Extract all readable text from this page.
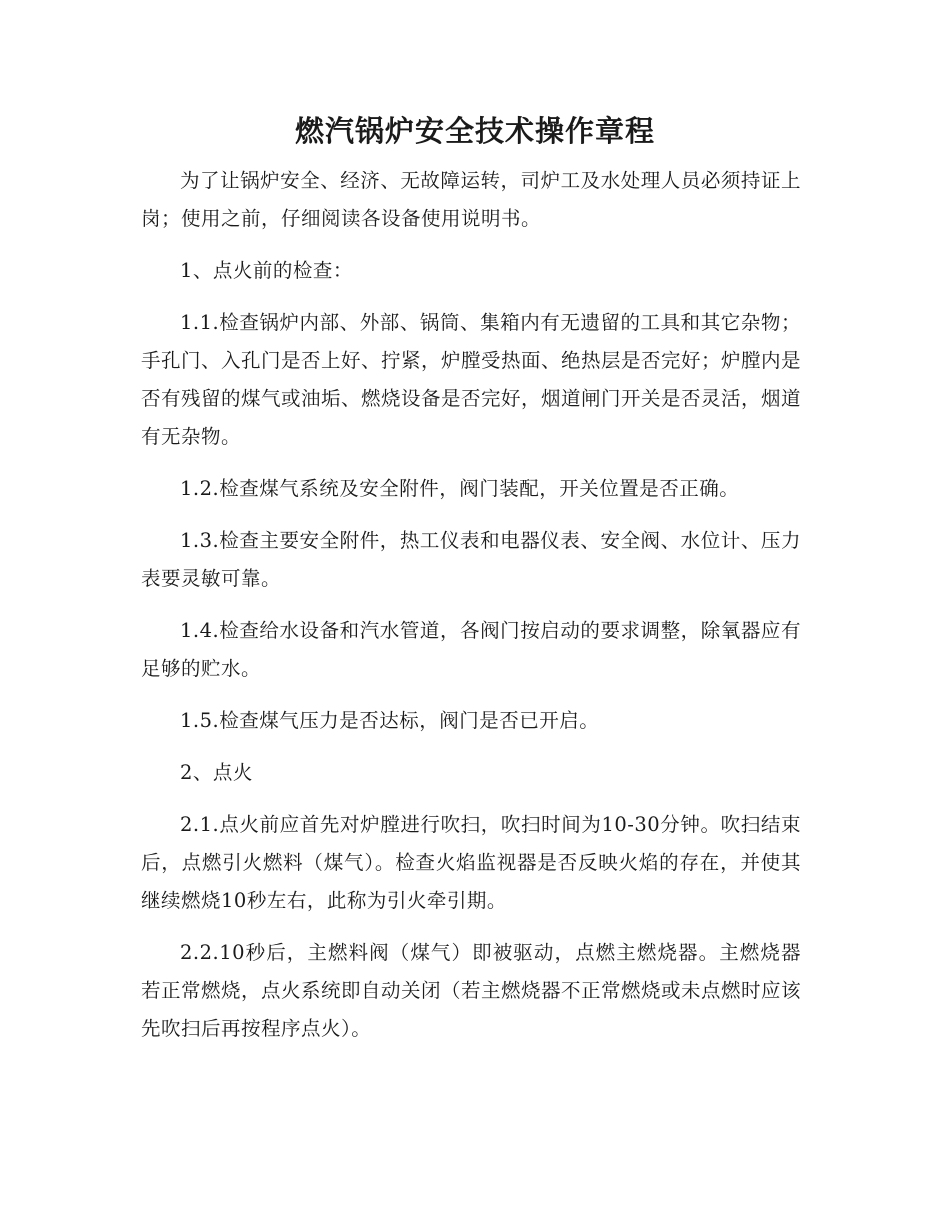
燃汽锅炉安全技术操作章程

为了让锅炉安全、经济、无故障运转，司炉工及水处理人员必须持证上岗；使用之前，仔细阅读各设备使用说明书。

1、点火前的检查：

1.1.检查锅炉内部、外部、锅筒、集箱内有无遗留的工具和其它杂物；手孔门、入孔门是否上好、拧紧，炉膛受热面、绝热层是否完好；炉膛内是否有残留的煤气或油垢、燃烧设备是否完好，烟道闸门开关是否灵活，烟道有无杂物。

1.2.检查煤气系统及安全附件，阀门装配，开关位置是否正确。

1.3.检查主要安全附件，热工仪表和电器仪表、安全阀、水位计、压力表要灵敏可靠。

1.4.检查给水设备和汽水管道，各阀门按启动的要求调整，除氧器应有足够的贮水。

1.5.检查煤气压力是否达标，阀门是否已开启。

2、点火

2.1.点火前应首先对炉膛进行吹扫，吹扫时间为10-30分钟。吹扫结束后，点燃引火燃料（煤气）。检查火焰监视器是否反映火焰的存在，并使其继续燃烧10秒左右，此称为引火牵引期。

2.2.10秒后，主燃料阀（煤气）即被驱动，点燃主燃烧器。主燃烧器若正常燃烧，点火系统即自动关闭（若主燃烧器不正常燃烧或未点燃时应该先吹扫后再按程序点火）。
